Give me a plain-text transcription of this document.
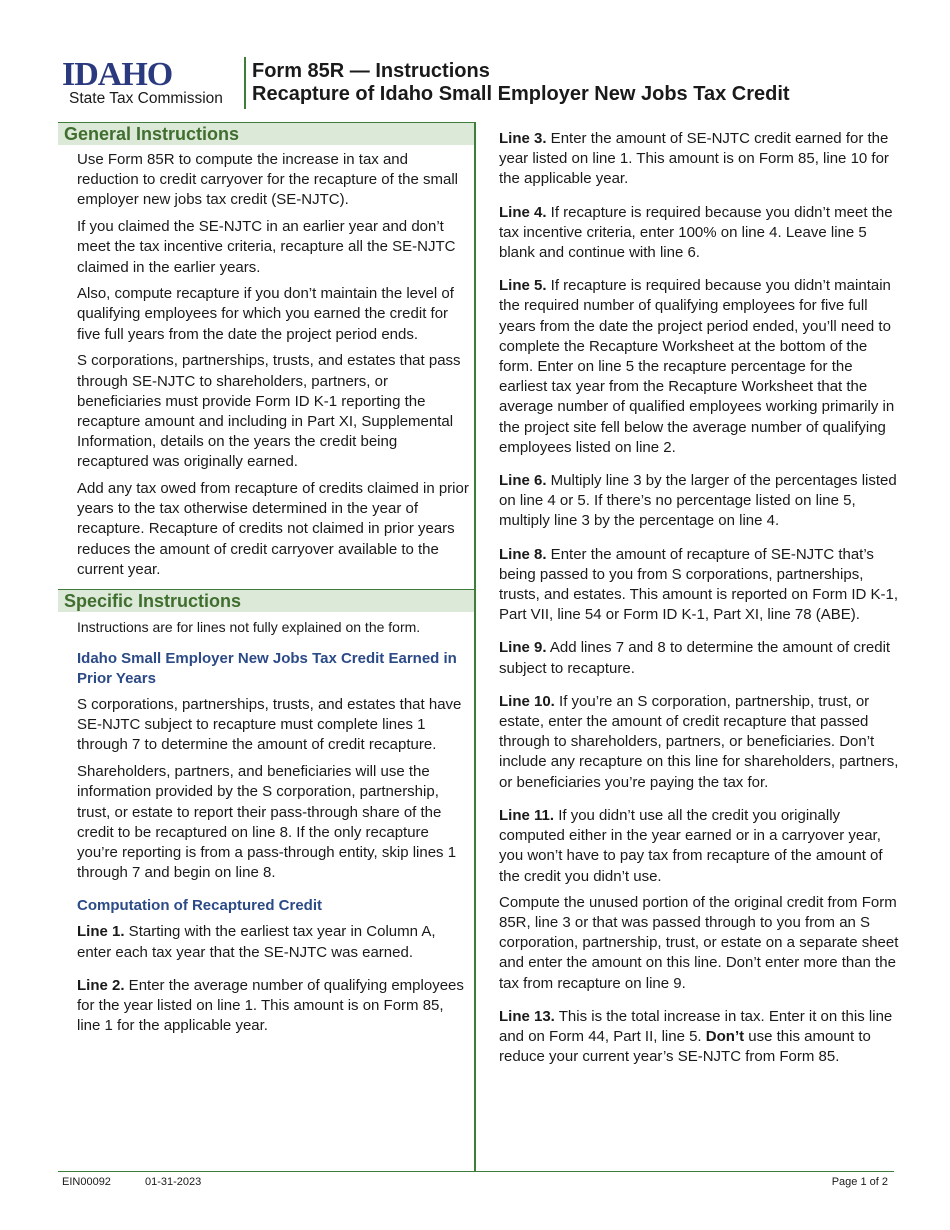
IDAHO
State Tax Commission
Form 85R — Instructions
Recapture of Idaho Small Employer New Jobs Tax Credit
General Instructions

Use Form 85R to compute the increase in tax and reduction to credit carryover for the recapture of the small employer new jobs tax credit (SE-NJTC).

If you claimed the SE-NJTC in an earlier year and don’t meet the tax incentive criteria, recapture all the SE-NJTC claimed in the earlier years.

Also, compute recapture if you don’t maintain the level of qualifying employees for which you earned the credit for five full years from the date the project period ends.

S corporations, partnerships, trusts, and estates that pass through SE-NJTC to shareholders, partners, or beneficiaries must provide Form ID K-1 reporting the recapture amount and including in Part XI, Supplemental Information, details on the years the credit being recaptured was originally earned.

Add any tax owed from recapture of credits claimed in prior years to the tax otherwise determined in the year of recapture. Recapture of credits not claimed in prior years reduces the amount of credit carryover available to the current year.

Specific Instructions

Instructions are for lines not fully explained on the form.

Idaho Small Employer New Jobs Tax Credit Earned in Prior Years

S corporations, partnerships, trusts, and estates that have SE-NJTC subject to recapture must complete lines 1 through 7 to determine the amount of credit recapture.

Shareholders, partners, and beneficiaries will use the information provided by the S corporation, partnership, trust, or estate to report their pass-through share of the credit to be recaptured on line 8. If the only recapture you’re reporting is from a pass-through entity, skip lines 1 through 7 and begin on line 8.

Computation of Recaptured Credit

Line 1. Starting with the earliest tax year in Column A, enter each tax year that the SE-NJTC was earned.

Line 2. Enter the average number of qualifying employees for the year listed on line 1. This amount is on Form 85, line 1 for the applicable year.

Line 3. Enter the amount of SE-NJTC credit earned for the year listed on line 1. This amount is on Form 85, line 10 for the applicable year.

Line 4. If recapture is required because you didn’t meet the tax incentive criteria, enter 100% on line 4. Leave line 5 blank and continue with line 6.

Line 5. If recapture is required because you didn’t maintain the required number of qualifying employees for five full years from the date the project period ended, you’ll need to complete the Recapture Worksheet at the bottom of the form. Enter on line 5 the recapture percentage for the earliest tax year from the Recapture Worksheet that the average number of qualified employees working primarily in the project site fell below the average number of qualifying employees listed on line 2.

Line 6. Multiply line 3 by the larger of the percentages listed on line 4 or 5. If there’s no percentage listed on line 5, multiply line 3 by the percentage on line 4.

Line 8. Enter the amount of recapture of SE-NJTC that’s being passed to you from S corporations, partnerships, trusts, and estates. This amount is reported on Form ID K-1, Part VII, line 54 or Form ID K-1, Part XI, line 78 (ABE).

Line 9. Add lines 7 and 8 to determine the amount of credit subject to recapture.

Line 10. If you’re an S corporation, partnership, trust, or estate, enter the amount of credit recapture that passed through to shareholders, partners, or beneficiaries. Don’t include any recapture on this line for shareholders, partners, or beneficiaries you’re paying the tax for.

Line 11. If you didn’t use all the credit you originally computed either in the year earned or in a carryover year, you won’t have to pay tax from recapture of the amount of the credit you didn’t use.

Compute the unused portion of the original credit from Form 85R, line 3 or that was passed through to you from an S corporation, partnership, trust, or estate on a separate sheet and enter the amount on this line. Don’t enter more than the tax from recapture on line 9.

Line 13. This is the total increase in tax. Enter it on this line and on Form 44, Part II, line 5. Don’t use this amount to reduce your current year’s SE-NJTC from Form 85.

EIN00092	01-31-2023	Page 1 of 2
